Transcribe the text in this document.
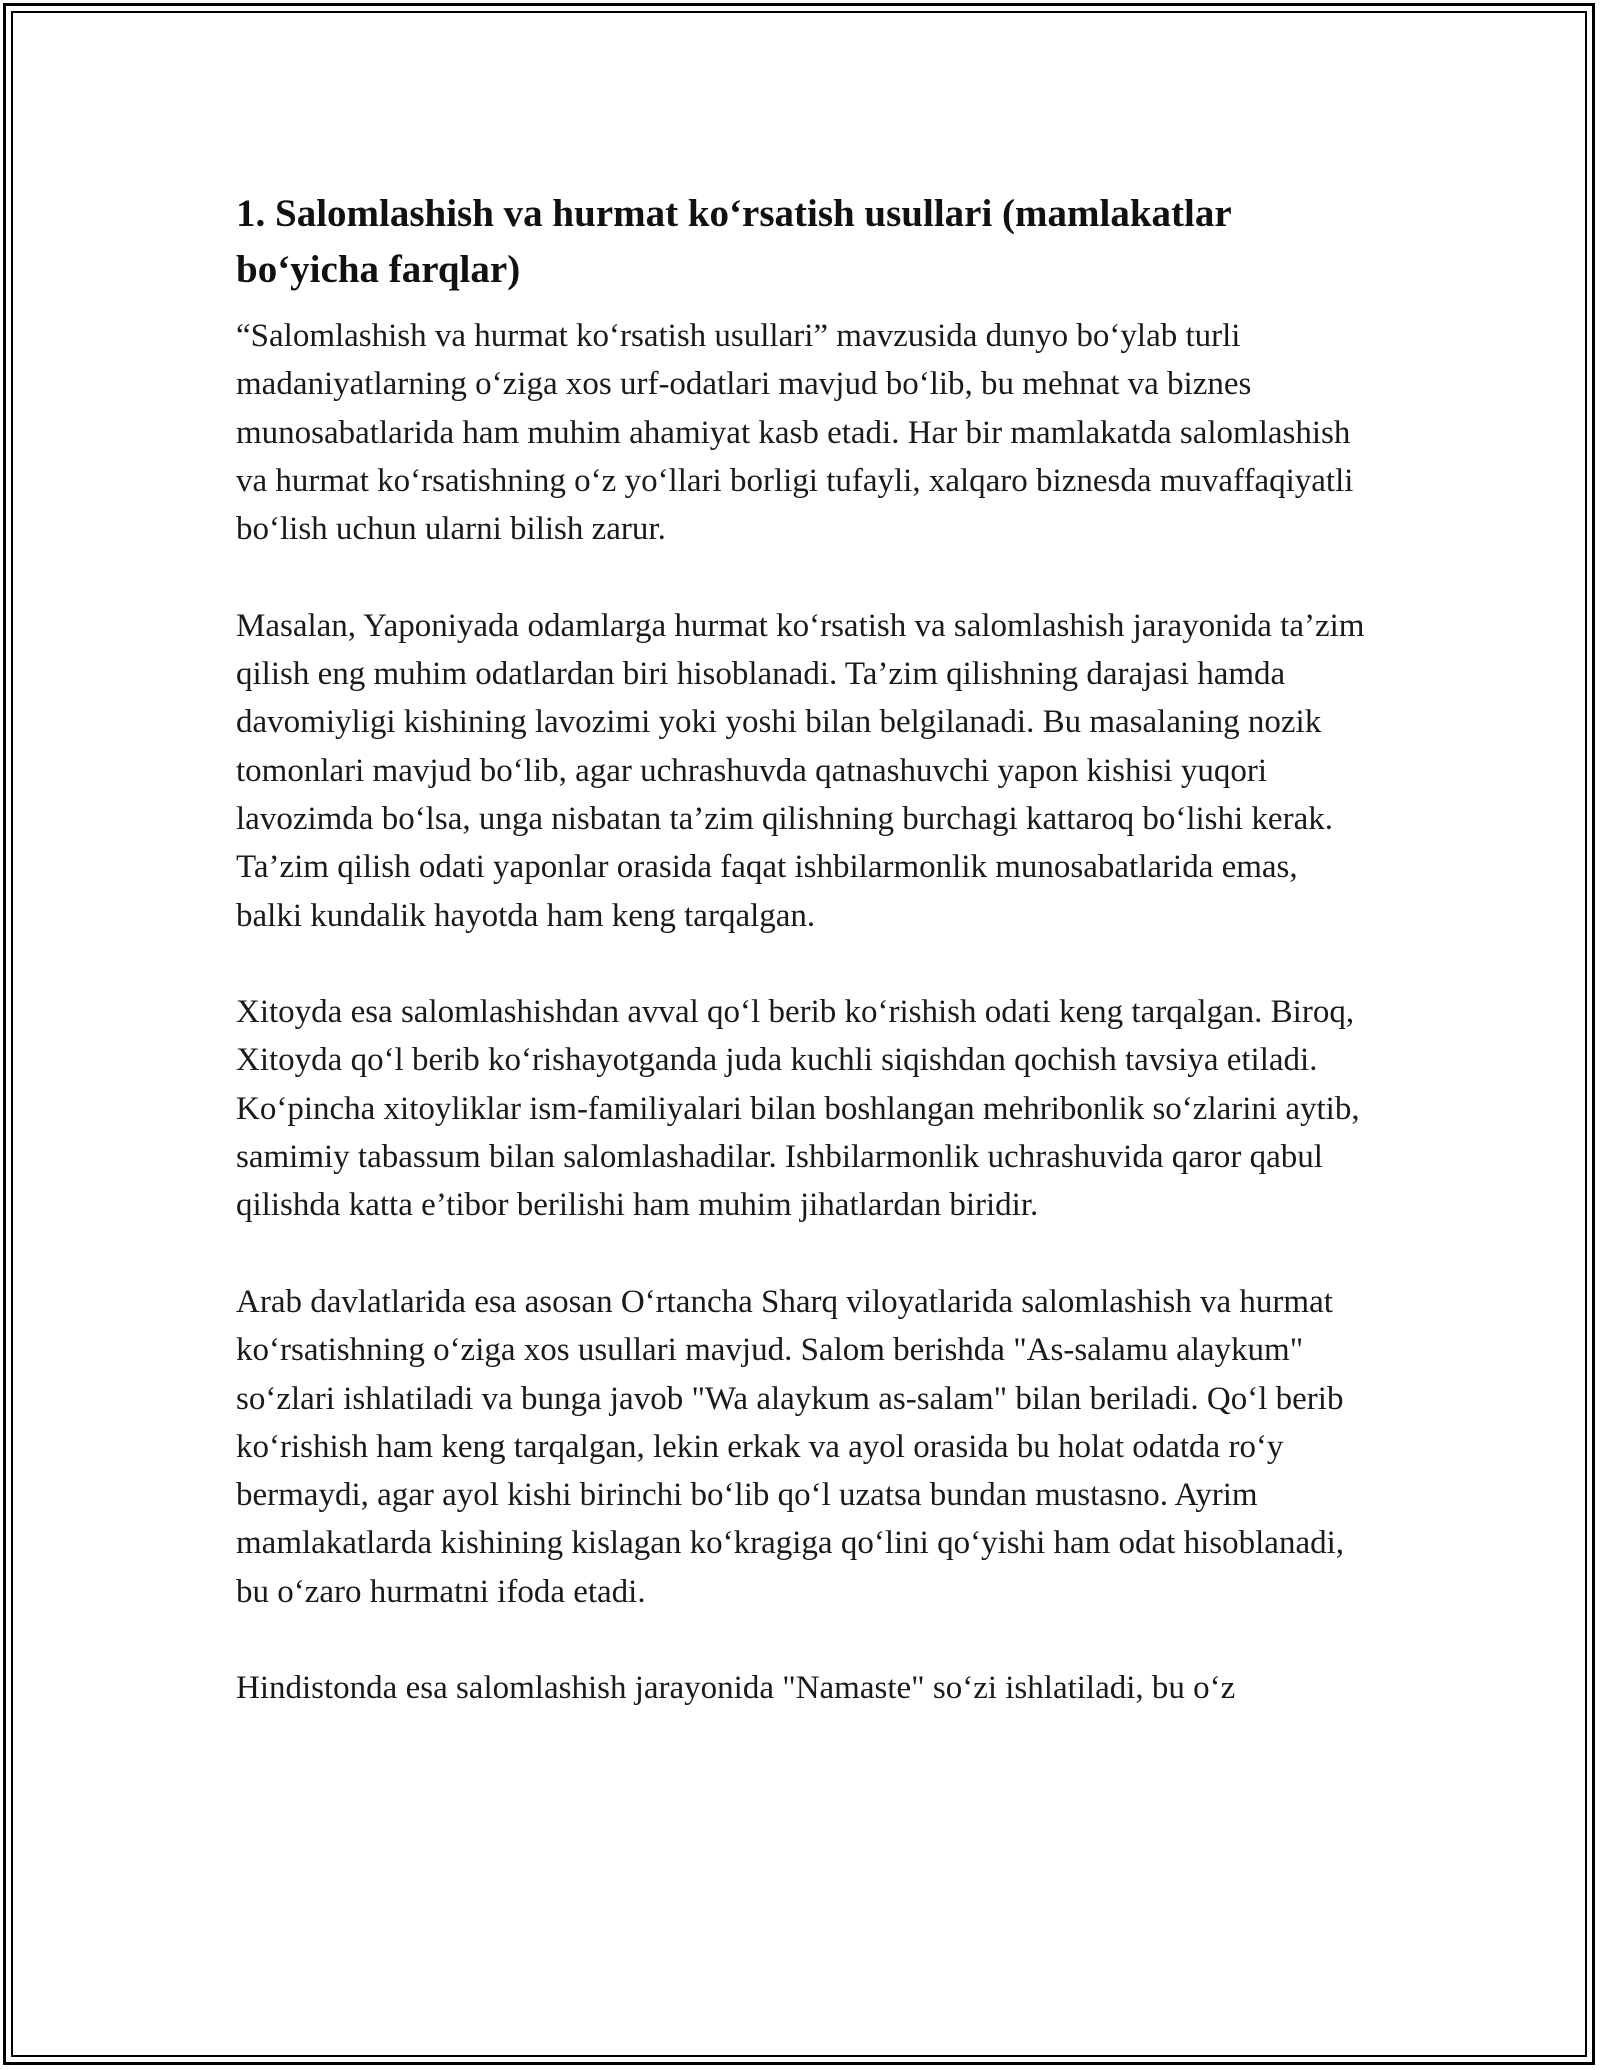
1. Salomlashish va hurmat ko‘rsatish usullari (mamlakatlar bo‘yicha farqlar)

“Salomlashish va hurmat ko‘rsatish usullari” mavzusida dunyo bo‘ylab turli madaniyatlarning o‘ziga xos urf-odatlari mavjud bo‘lib, bu mehnat va biznes munosabatlarida ham muhim ahamiyat kasb etadi. Har bir mamlakatda salomlashish va hurmat ko‘rsatishning o‘z yo‘llari borligi tufayli, xalqaro biznesda muvaffaqiyatli bo‘lish uchun ularni bilish zarur.

Masalan, Yaponiyada odamlarga hurmat ko‘rsatish va salomlashish jarayonida ta’zim qilish eng muhim odatlardan biri hisoblanadi. Ta’zim qilishning darajasi hamda davomiyligi kishining lavozimi yoki yoshi bilan belgilanadi. Bu masalaning nozik tomonlari mavjud bo‘lib, agar uchrashuvda qatnashuvchi yapon kishisi yuqori lavozimda bo‘lsa, unga nisbatan ta’zim qilishning burchagi kattaroq bo‘lishi kerak. Ta’zim qilish odati yaponlar orasida faqat ishbilarmonlik munosabatlarida emas, balki kundalik hayotda ham keng tarqalgan.

Xitoyda esa salomlashishdan avval qo‘l berib ko‘rishish odati keng tarqalgan. Biroq, Xitoyda qo‘l berib ko‘rishayotganda juda kuchli siqishdan qochish tavsiya etiladi. Ko‘pincha xitoyliklar ism-familiyalari bilan boshlangan mehribonlik so‘zlarini aytib, samimiy tabassum bilan salomlashadilar. Ishbilarmonlik uchrashuvida qaror qabul qilishda katta e’tibor berilishi ham muhim jihatlardan biridir.

Arab davlatlarida esa asosan O‘rtancha Sharq viloyatlarida salomlashish va hurmat ko‘rsatishning o‘ziga xos usullari mavjud. Salom berishda "As-salamu alaykum" so‘zlari ishlatiladi va bunga javob "Wa alaykum as-salam" bilan beriladi. Qo‘l berib ko‘rishish ham keng tarqalgan, lekin erkak va ayol orasida bu holat odatda ro‘y bermaydi, agar ayol kishi birinchi bo‘lib qo‘l uzatsa bundan mustasno. Ayrim mamlakatlarda kishining kislagan ko‘kragiga qo‘lini qo‘yishi ham odat hisoblanadi, bu o‘zaro hurmatni ifoda etadi.

Hindistonda esa salomlashish jarayonida "Namaste" so‘zi ishlatiladi, bu o‘z
